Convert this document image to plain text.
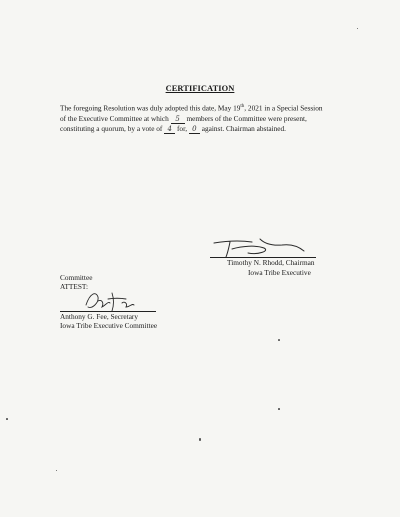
CERTIFICATION
The foregoing Resolution was duly adopted this date, May 19th, 2021 in a Special Session
of the Executive Committee at which 5 members of the Committee were present,
constituting a quorum, by a vote of 4 for, 0 against. Chairman abstained.
Timothy N. Rhodd, Chairman
Iowa Tribe Executive
Committee
ATTEST:
Anthony G. Fee, Secretary
Iowa Tribe Executive Committee
